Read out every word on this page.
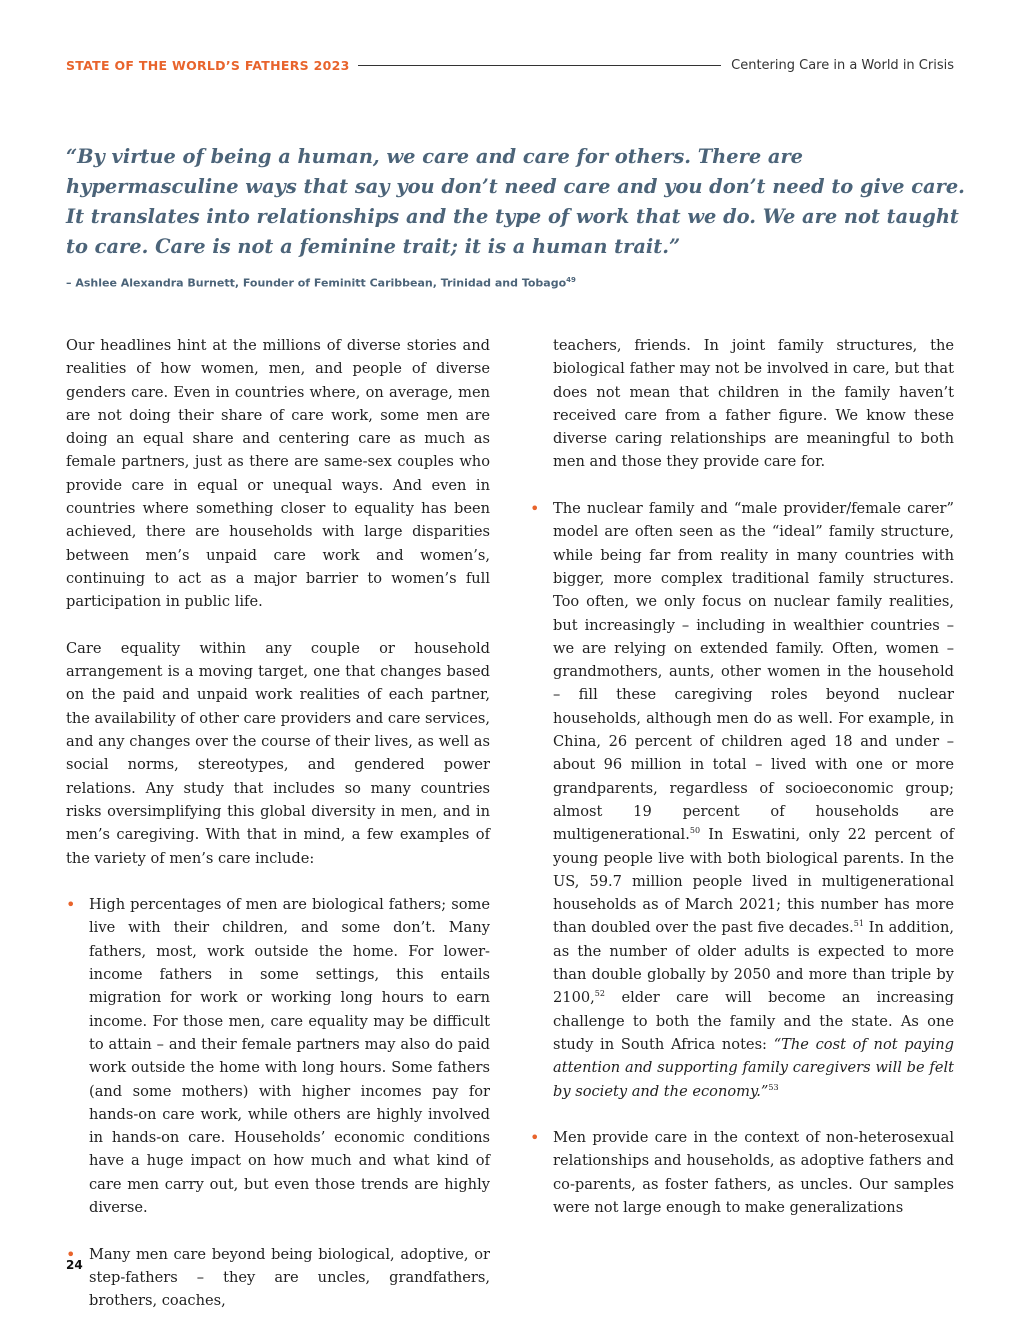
STATE OF THE WORLD’S FATHERS 2023	Centering Care in a World in Crisis

“By virtue of being a human, we care and care for others. There are hypermasculine ways that say you don’t need care and you don’t need to give care. It translates into relationships and the type of work that we do. We are not taught to care. Care is not a feminine trait; it is a human trait.”

– Ashlee Alexandra Burnett, Founder of Feminitt Caribbean, Trinidad and Tobago$^{49}$

Our headlines hint at the millions of diverse stories and realities of how women, men, and people of diverse genders care. Even in countries where, on average, men are not doing their share of care work, some men are doing an equal share and centering care as much as female partners, just as there are same-sex couples who provide care in equal or unequal ways. And even in countries where something closer to equality has been achieved, there are households with large disparities between men’s unpaid care work and women’s, continuing to act as a major barrier to women’s full participation in public life.

Care equality within any couple or household arrangement is a moving target, one that changes based on the paid and unpaid work realities of each partner, the availability of other care providers and care services, and any changes over the course of their lives, as well as social norms, stereotypes, and gendered power relations. Any study that includes so many countries risks oversimplifying this global diversity in men, and in men’s caregiving. With that in mind, a few examples of the variety of men’s care include:

• High percentages of men are biological fathers; some live with their children, and some don’t. Many fathers, most, work outside the home. For lower-income fathers in some settings, this entails migration for work or working long hours to earn income. For those men, care equality may be difficult to attain – and their female partners may also do paid work outside the home with long hours. Some fathers (and some mothers) with higher incomes pay for hands-on care work, while others are highly involved in hands-on care. Households’ economic conditions have a huge impact on how much and what kind of care men carry out, but even those trends are highly diverse.
• Many men care beyond being biological, adoptive, or step-fathers – they are uncles, grandfathers, brothers, coaches,
teachers, friends. In joint family structures, the biological father may not be involved in care, but that does not mean that children in the family haven’t received care from a father figure. We know these diverse caring relationships are meaningful to both men and those they provide care for.
• The nuclear family and “male provider/female carer” model are often seen as the “ideal” family structure, while being far from reality in many countries with bigger, more complex traditional family structures. Too often, we only focus on nuclear family realities, but increasingly – including in wealthier countries – we are relying on extended family. Often, women – grandmothers, aunts, other women in the household – fill these caregiving roles beyond nuclear households, although men do as well. For example, in China, 26 percent of children aged 18 and under – about 96 million in total – lived with one or more grandparents, regardless of socioeconomic group; almost 19 percent of households are multigenerational.$^{50}$ In Eswatini, only 22 percent of young people live with both biological parents. In the US, 59.7 million people lived in multigenerational households as of March 2021; this number has more than doubled over the past five decades.$^{51}$ In addition, as the number of older adults is expected to more than double globally by 2050 and more than triple by 2100,52 elder care will become an increasing challenge to both the family and the state. As one study in South Africa notes: “The cost of not paying attention and supporting family caregivers will be felt by society and the economy.”$^{53}$
• Men provide care in the context of non-heterosexual relationships and households, as adoptive fathers and co-parents, as foster fathers, as uncles. Our samples were not large enough to make generalizations
24
